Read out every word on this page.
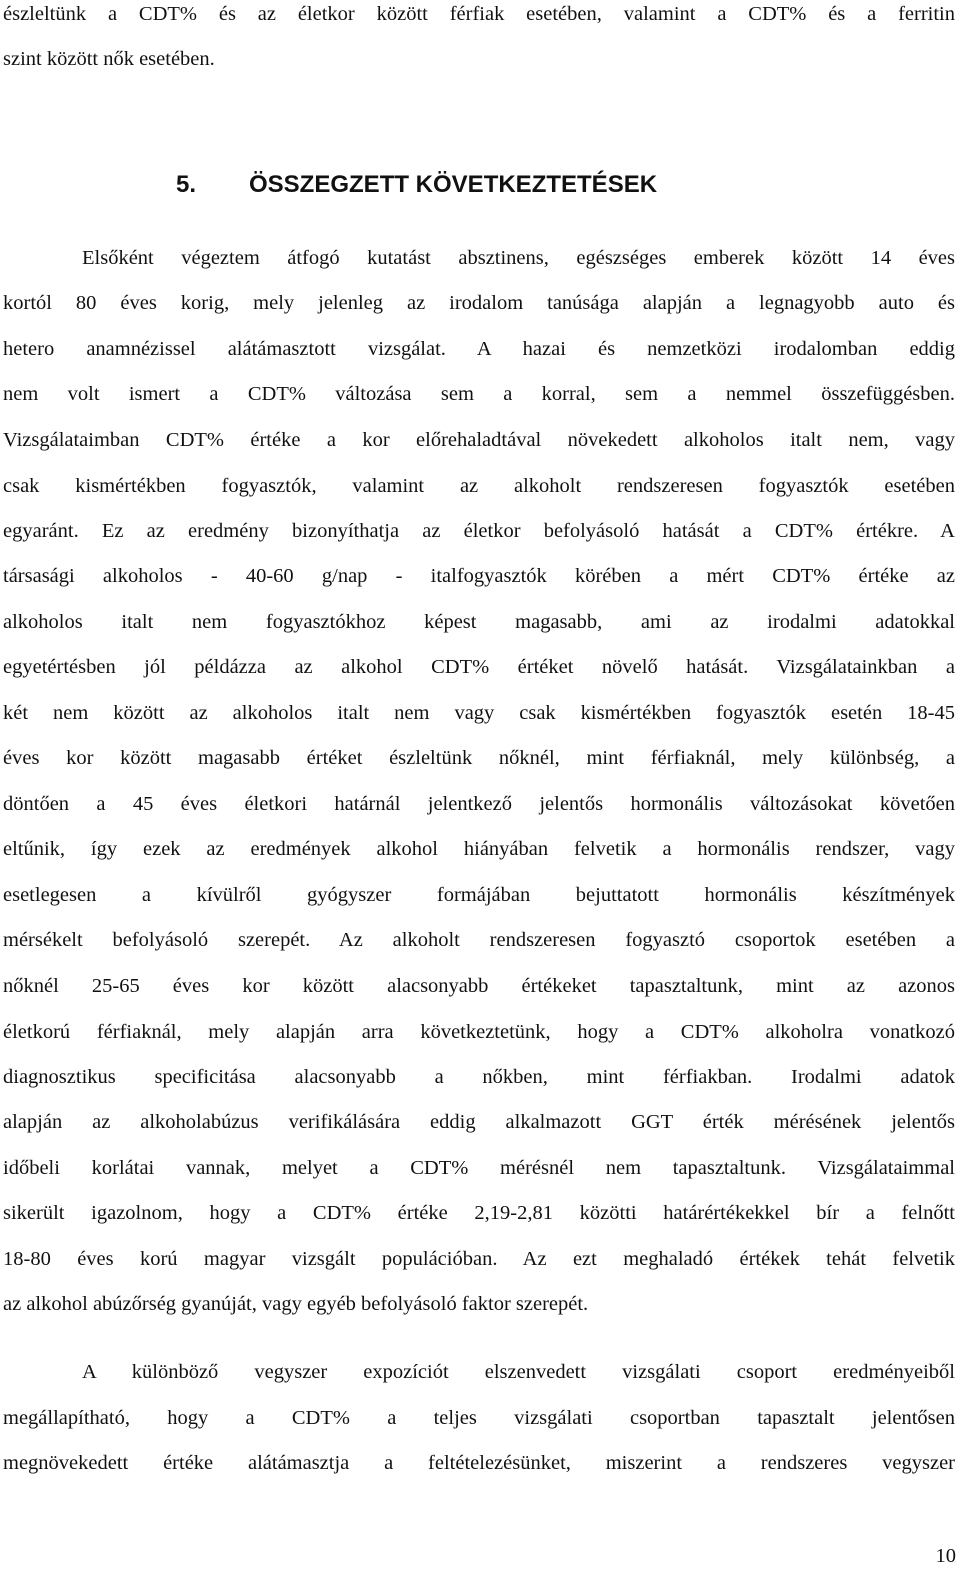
észleltünk a CDT% és az életkor között férfiak esetében, valamint a CDT% és a ferritin
szint között nők esetében.
5. ÖSSZEGZETT KÖVETKEZTETÉSEK
Elsőként végeztem átfogó kutatást absztinens, egészséges emberek között 14 éves
kortól 80 éves korig, mely jelenleg az irodalom tanúsága alapján a legnagyobb auto és
hetero anamnézissel alátámasztott vizsgálat. A hazai és nemzetközi irodalomban eddig
nem volt ismert a CDT% változása sem a korral, sem a nemmel összefüggésben.
Vizsgálataimban CDT% értéke a kor előrehaladtával növekedett alkoholos italt nem, vagy
csak kismértékben fogyasztók, valamint az alkoholt rendszeresen fogyasztók esetében
egyaránt. Ez az eredmény bizonyíthatja az életkor befolyásoló hatását a CDT% értékre. A
társasági alkoholos - 40-60 g/nap - italfogyasztók körében a mért CDT% értéke az
alkoholos italt nem fogyasztókhoz képest magasabb, ami az irodalmi adatokkal
egyetértésben jól példázza az alkohol CDT% értéket növelő hatását. Vizsgálatainkban a
két nem között az alkoholos italt nem vagy csak kismértékben fogyasztók esetén 18-45
éves kor között magasabb értéket észleltünk nőknél, mint férfiaknál, mely különbség, a
döntően a 45 éves életkori határnál jelentkező jelentős hormonális változásokat követően
eltűnik, így ezek az eredmények alkohol hiányában felvetik a hormonális rendszer, vagy
esetlegesen a kívülről gyógyszer formájában bejuttatott hormonális készítmények
mérsékelt befolyásoló szerepét. Az alkoholt rendszeresen fogyasztó csoportok esetében a
nőknél 25-65 éves kor között alacsonyabb értékeket tapasztaltunk, mint az azonos
életkorú férfiaknál, mely alapján arra következtetünk, hogy a CDT% alkoholra vonatkozó
diagnosztikus specificitása alacsonyabb a nőkben, mint férfiakban. Irodalmi adatok
alapján az alkoholabúzus verifikálására eddig alkalmazott GGT érték mérésének jelentős
időbeli korlátai vannak, melyet a CDT% mérésnél nem tapasztaltunk. Vizsgálataimmal
sikerült igazolnom, hogy a CDT% értéke 2,19-2,81 közötti határértékekkel bír a felnőtt
18-80 éves korú magyar vizsgált populációban. Az ezt meghaladó értékek tehát felvetik
az alkohol abúzőrség gyanúját, vagy egyéb befolyásoló faktor szerepét.
A különböző vegyszer expozíciót elszenvedett vizsgálati csoport eredményeiből
megállapítható, hogy a CDT% a teljes vizsgálati csoportban tapasztalt jelentősen
megnövekedett értéke alátámasztja a feltételezésünket, miszerint a rendszeres vegyszer
10
